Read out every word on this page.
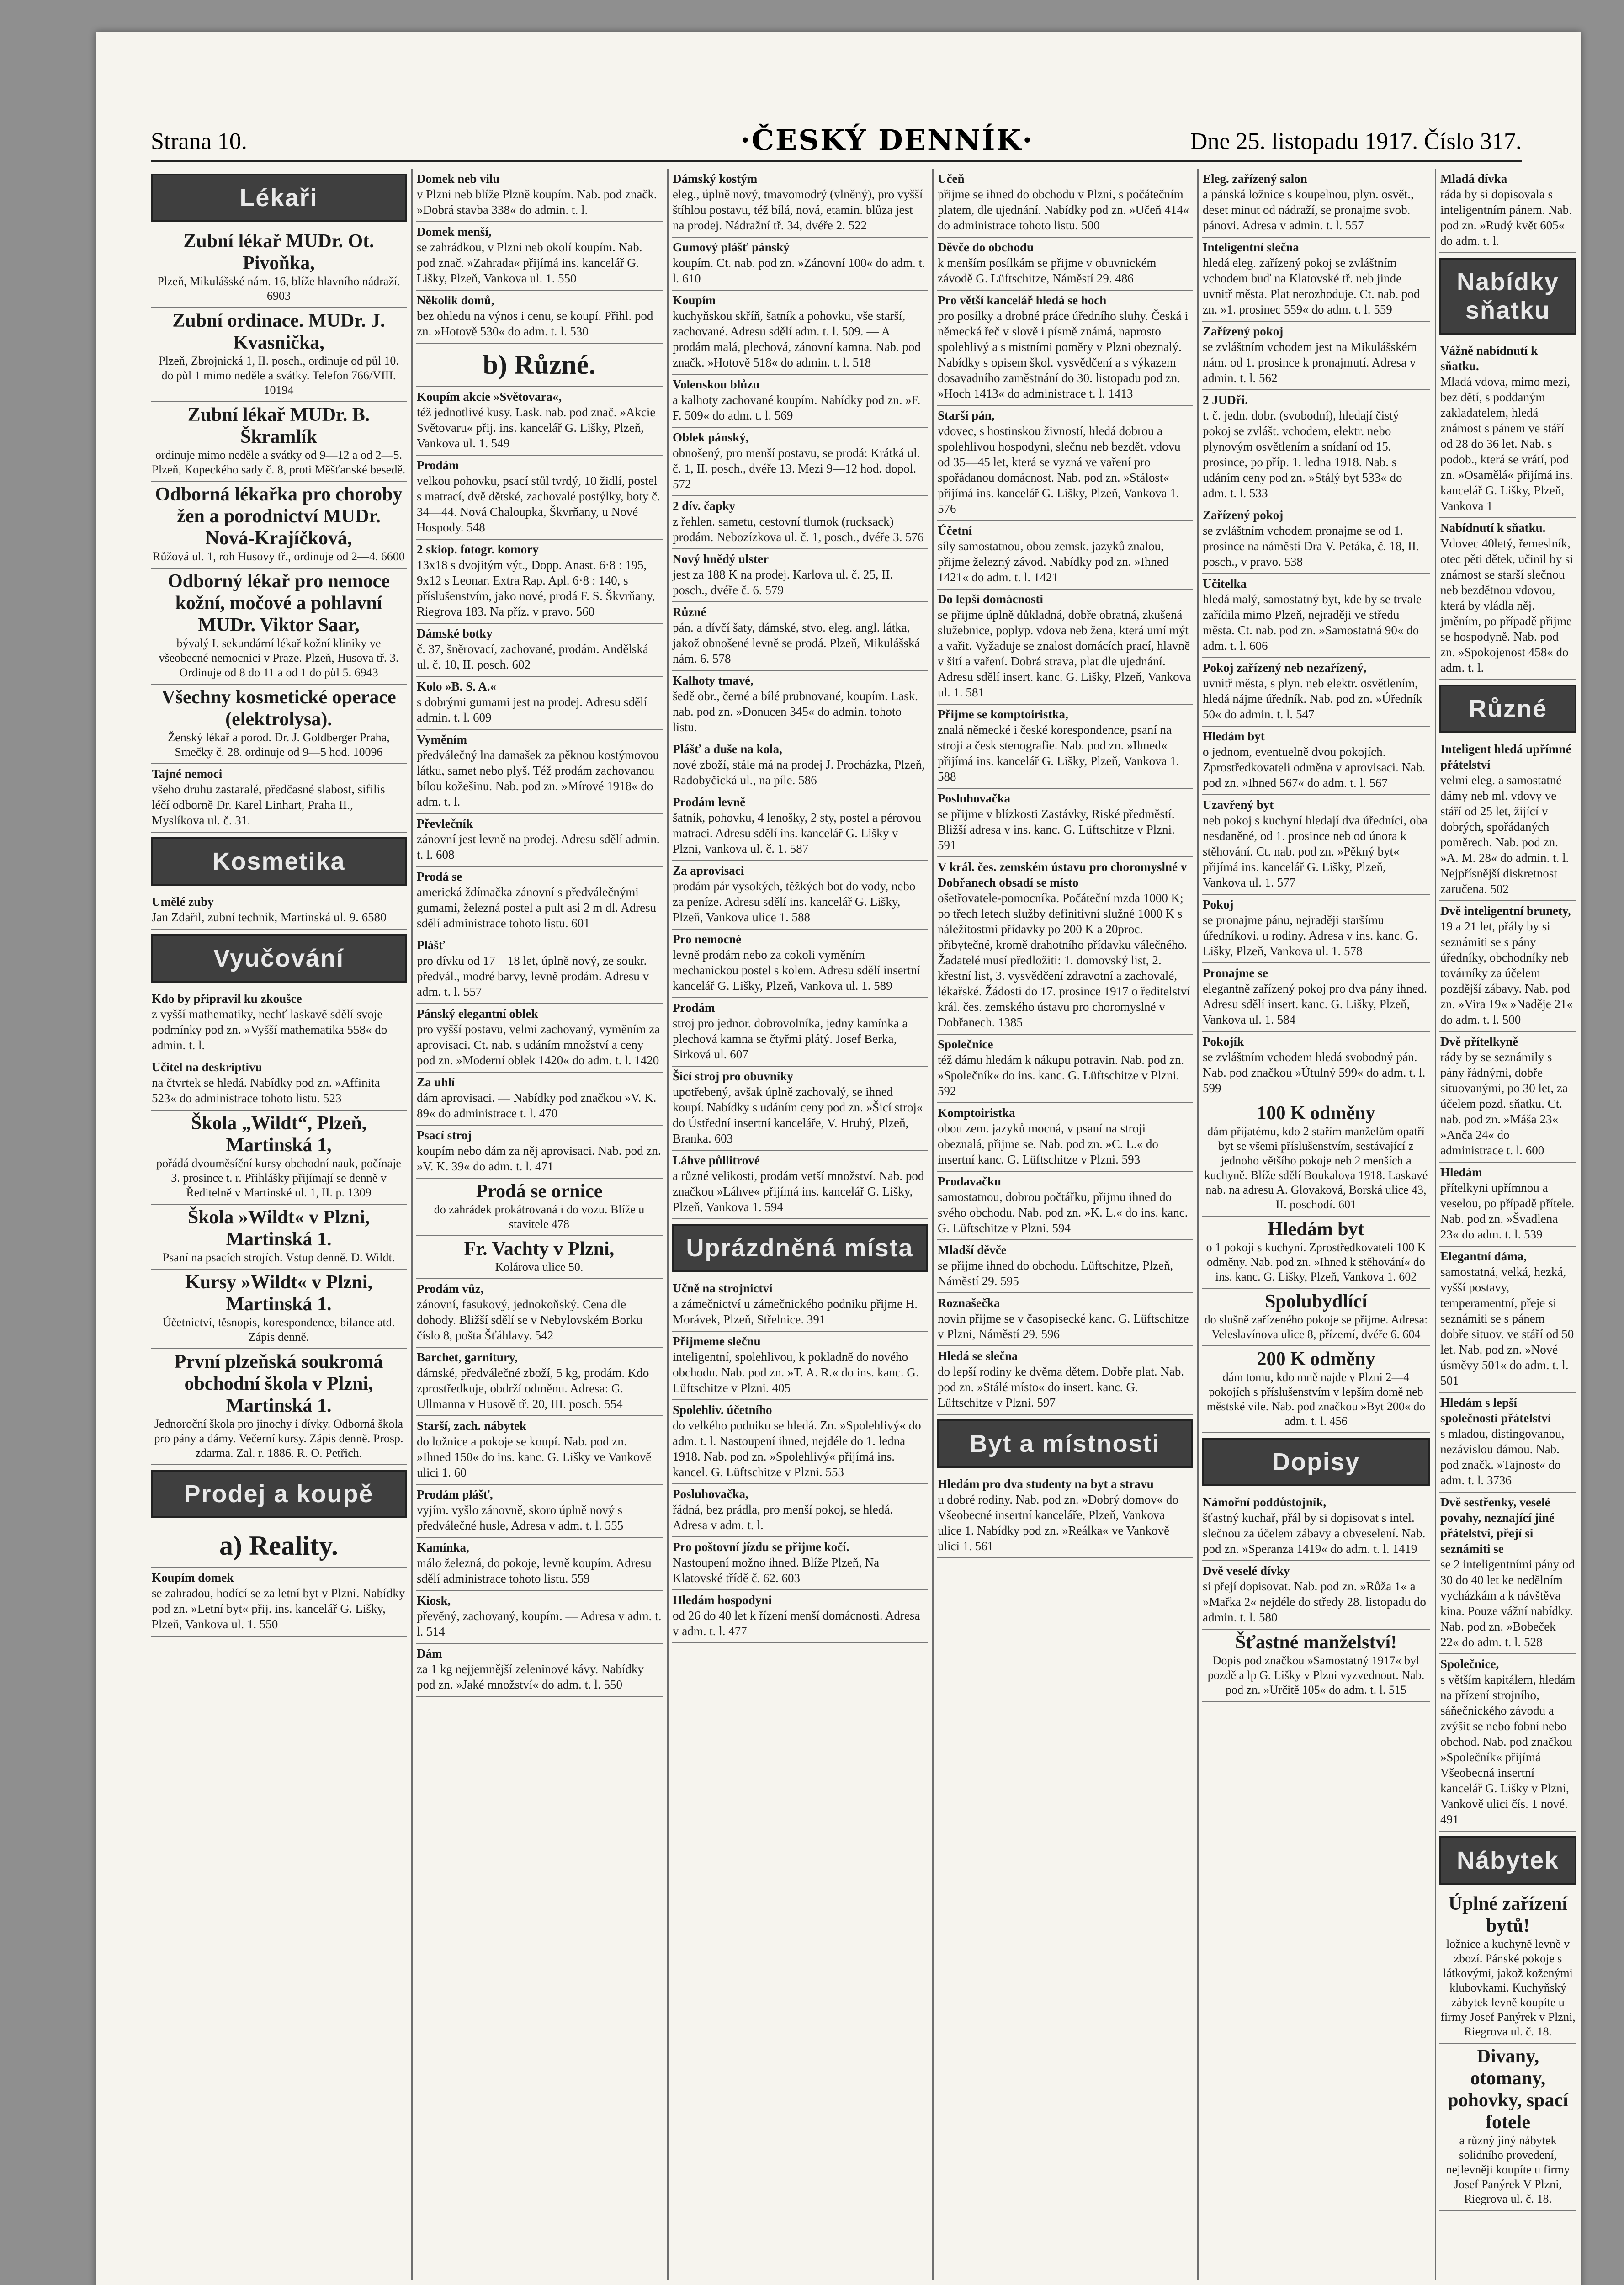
Strana 10.	·ČESKÝ DENNÍK·	Dne 25. listopadu 1917. Číslo 317.
Lékaři
Zubní lékař MUDr. Ot. Pivoňka,
Plzeň, Mikulášské nám. 16, blíže hlavního nádraží. 6903
Zubní ordinace. MUDr. J. Kvasnička,
Plzeň, Zbrojnická 1, II. posch., ordinuje od půl 10. do půl 1 mimo neděle a svátky. Telefon 766/VIII. 10194
Zubní lékař MUDr. B. Škramlík
ordinuje mimo neděle a svátky od 9—12 a od 2—5. Plzeň, Kopeckého sady č. 8, proti Měšťanské besedě.
Odborná lékařka pro choroby žen a porodnictví MUDr. Nová-Krajíčková,
Růžová ul. 1, roh Husovy tř., ordinuje od 2—4. 6600
Odborný lékař pro nemoce kožní, močové a pohlavní MUDr. Viktor Saar,
bývalý I. sekundární lékař kožní kliniky ve všeobecné nemocnici v Praze. Plzeň, Husova tř. 3. Ordinuje od 8 do 11 a od 1 do půl 5. 6943
Všechny kosmetické operace (elektrolysa).
Ženský lékař a porod. Dr. J. Goldberger Praha, Smečky č. 28. ordinuje od 9—5 hod. 10096
Tajné nemoci
všeho druhu zastaralé, předčasné slabost, sifilis léčí odborně Dr. Karel Linhart, Praha II., Myslíkova ul. č. 31.
Kosmetika
Umělé zuby
Jan Zdařil, zubní technik, Martinská ul. 9. 6580
Vyučování
Kdo by připravil ku zkoušce
z vyšší mathematiky, nechť laskavě sdělí svoje podmínky pod zn. »Vyšší mathematika 558« do admin. t. l.
Učitel na deskriptivu
na čtvrtek se hledá. Nabídky pod zn. »Affinita 523« do administrace tohoto listu. 523
Škola „Wildt“, Plzeň, Martinská 1,
pořádá dvouměsíční kursy obchodní nauk, počínaje 3. prosince t. r. Přihlášky přijímají se denně v Ředitelně v Martinské ul. 1, II. p. 1309
Škola »Wildt« v Plzni, Martinská 1.
Psaní na psacích strojích. Vstup denně. D. Wildt.
Kursy »Wildt« v Plzni, Martinská 1.
Účetnictví, těsnopis, korespondence, bilance atd. Zápis denně.
První plzeňská soukromá obchodní škola v Plzni, Martinská 1.
Jednoroční škola pro jinochy i dívky. Odborná škola pro pány a dámy. Večerní kursy. Zápis denně. Prosp. zdarma. Zal. r. 1886. R. O. Petřich.
Prodej a koupě
a) Reality.
Koupím domek
se zahradou, hodící se za letní byt v Plzni. Nabídky pod zn. »Letní byt« přij. ins. kancelář G. Lišky, Plzeň, Vankova ul. 1. 550
Domek neb vilu
v Plzni neb blíže Plzně koupím. Nab. pod značk. »Dobrá stavba 338« do admin. t. l.
Domek menší,
se zahrádkou, v Plzni neb okolí koupím. Nab. pod znač. »Zahrada« přijímá ins. kancelář G. Lišky, Plzeň, Vankova ul. 1. 550
Několik domů,
bez ohledu na výnos i cenu, se koupí. Přihl. pod zn. »Hotově 530« do adm. t. l. 530
b) Různé.
Koupím akcie »Světovara«,
též jednotlivé kusy. Lask. nab. pod znač. »Akcie Světovaru« přij. ins. kancelář G. Lišky, Plzeň, Vankova ul. 1. 549
Prodám
velkou pohovku, psací stůl tvrdý, 10 židlí, postel s matrací, dvě dětské, zachovalé postýlky, boty č. 34—44. Nová Chaloupka, Škvrňany, u Nové Hospody. 548
2 skiop. fotogr. komory
13x18 s dvojitým výt., Dopp. Anast. 6·8 : 195, 9x12 s Leonar. Extra Rap. Apl. 6·8 : 140, s příslušenstvím, jako nové, prodá F. S. Škvrňany, Riegrova 183. Na příz. v pravo. 560
Dámské botky
č. 37, šněrovací, zachované, prodám. Andělská ul. č. 10, II. posch. 602
Kolo »B. S. A.«
s dobrými gumami jest na prodej. Adresu sdělí admin. t. l. 609
Vyměním
předválečný lna damašek za pěknou kostýmovou látku, samet nebo plyš. Též prodám zachovanou bílou kožešinu. Nab. pod zn. »Mírové 1918« do adm. t. l.
Převlečník
zánovní jest levně na prodej. Adresu sdělí admin. t. l. 608
Prodá se
americká ždímačka zánovní s předválečnými gumami, železná postel a pult asi 2 m dl. Adresu sdělí administrace tohoto listu. 601
Plášť
pro dívku od 17—18 let, úplně nový, ze soukr. předvál., modré barvy, levně prodám. Adresu v adm. t. l. 557
Pánský elegantní oblek
pro vyšší postavu, velmi zachovaný, vyměním za aprovisaci. Ct. nab. s udáním množství a ceny pod zn. »Moderní oblek 1420« do adm. t. l. 1420
Za uhlí
dám aprovisaci. — Nabídky pod značkou »V. K. 89« do administrace t. l. 470
Psací stroj
koupím nebo dám za něj aprovisaci. Nab. pod zn. »V. K. 39« do adm. t. l. 471
Prodá se ornice
do zahrádek prokátrovaná i do vozu. Blíže u stavitele 478
Fr. Vachty v Plzni,
Kolárova ulice 50.
Prodám vůz,
zánovní, fasukový, jednokoňský. Cena dle dohody. Bližší sdělí se v Nebylovském Borku číslo 8, pošta Šťáhlavy. 542
Barchet, garnitury,
dámské, předválečné zboží, 5 kg, prodám. Kdo zprostředkuje, obdrží odměnu. Adresa: G. Ullmanna v Husově tř. 20, III. posch. 554
Starší, zach. nábytek
do ložnice a pokoje se koupí. Nab. pod zn. »Ihned 150« do ins. kanc. G. Lišky ve Vankově ulici 1. 60
Prodám plášť,
vyjím. vyšlo zánovně, skoro úplně nový s předválečné husle, Adresa v adm. t. l. 555
Kamínka,
málo železná, do pokoje, levně koupím. Adresu sdělí administrace tohoto listu. 559
Kiosk,
převěný, zachovaný, koupím. — Adresa v adm. t. l. 514
Dám
za 1 kg nejjemnější zeleninové kávy. Nabídky pod zn. »Jaké množství« do adm. t. l. 550
Dámský kostým
eleg., úplně nový, tmavomodrý (vlněný), pro vyšší štíhlou postavu, též bílá, nová, etamin. blůza jest na prodej. Nádražní tř. 34, dvéře 2. 522
Gumový plášť pánský
koupím. Ct. nab. pod zn. »Zánovní 100« do adm. t. l. 610
Koupím
kuchyňskou skříň, šatník a pohovku, vše starší, zachované. Adresu sdělí adm. t. l. 509. — A prodám malá, plechová, zánovní kamna. Nab. pod značk. »Hotově 518« do admin. t. l. 518
Volenskou blůzu
a kalhoty zachované koupím. Nabídky pod zn. »F. F. 509« do adm. t. l. 569
Oblek pánský,
obnošený, pro menší postavu, se prodá: Krátká ul. č. 1, II. posch., dvéře 13. Mezi 9—12 hod. dopol. 572
2 dív. čapky
z řehlen. sametu, cestovní tlumok (rucksack) prodám. Nebozízkova ul. č. 1, posch., dvéře 3. 576
Nový hnědý ulster
jest za 188 K na prodej. Karlova ul. č. 25, II. posch., dvéře č. 6. 579
Různé
pán. a dívčí šaty, dámské, stvo. eleg. angl. látka, jakož obnošené levně se prodá. Plzeň, Mikulášská nám. 6. 578
Kalhoty tmavé,
šedě obr., černé a bílé prubnované, koupím. Lask. nab. pod zn. »Donucen 345« do admin. tohoto listu.
Plášť a duše na kola,
nové zboží, stále má na prodej J. Procházka, Plzeň, Radobyčická ul., na píle. 586
Prodám levně
šatník, pohovku, 4 lenošky, 2 sty, postel a pérovou matraci. Adresu sdělí ins. kancelář G. Lišky v Plzni, Vankova ul. č. 1. 587
Za aprovisaci
prodám pár vysokých, těžkých bot do vody, nebo za peníze. Adresu sdělí ins. kancelář G. Lišky, Plzeň, Vankova ulice 1. 588
Pro nemocné
levně prodám nebo za cokoli vyměním mechanickou postel s kolem. Adresu sdělí insertní kancelář G. Lišky, Plzeň, Vankova ul. 1. 589
Prodám
stroj pro jednor. dobrovolníka, jedny kamínka a plechová kamna se čtyřmi plátý. Josef Berka, Sirková ul. 607
Šicí stroj pro obuvníky
upotřebený, avšak úplně zachovalý, se ihned koupí. Nabídky s udáním ceny pod zn. »Šicí stroj« do Ústřední insertní kanceláře, V. Hrubý, Plzeň, Branka. 603
Láhve půllitrové
a různé velikosti, prodám vetší množství. Nab. pod značkou »Láhve« přijímá ins. kancelář G. Lišky, Plzeň, Vankova 1. 594
Uprázdněná místa
Učně na strojnictví
a zámečnictví u zámečnického podniku přijme H. Morávek, Plzeň, Střelnice. 391
Přijmeme slečnu
inteligentní, spolehlivou, k pokladně do nového obchodu. Nab. pod zn. »T. A. R.« do ins. kanc. G. Lüftschitze v Plzni. 405
Spolehliv. účetního
do velkého podniku se hledá. Zn. »Spolehlivý« do adm. t. l. Nastoupení ihned, nejdéle do 1. ledna 1918. Nab. pod zn. »Spolehlivý« přijímá ins. kancel. G. Lüftschitze v Plzni. 553
Posluhovačka,
řádná, bez prádla, pro menší pokoj, se hledá. Adresa v adm. t. l.
Pro poštovní jízdu se přijme kočí.
Nastoupení možno ihned. Blíže Plzeň, Na Klatovské třídě č. 62. 603
Hledám hospodyni
od 26 do 40 let k řízení menší domácnosti. Adresa v adm. t. l. 477
Učeň
přijme se ihned do obchodu v Plzni, s počátečním platem, dle ujednání. Nabídky pod zn. »Učeň 414« do administrace tohoto listu. 500
Děvče do obchodu
k menším posílkám se přijme v obuvnickém závodě G. Lüftschitze, Náměstí 29. 486
Pro větší kancelář hledá se hoch
pro posílky a drobné práce úředního sluhy. Česká i německá řeč v slově i písmě známá, naprosto spolehlivý a s mistními poměry v Plzni obeznalý. Nabídky s opisem škol. vysvědčení a s výkazem dosavadního zaměstnání do 30. listopadu pod zn. »Hoch 1413« do administrace t. l. 1413
Starší pán,
vdovec, s hostinskou živností, hledá dobrou a spolehlivou hospodyni, slečnu neb bezdět. vdovu od 35—45 let, která se vyzná ve vaření pro spořádanou domácnost. Nab. pod zn. »Stálost« přijímá ins. kancelář G. Lišky, Plzeň, Vankova 1. 576
Účetní
síly samostatnou, obou zemsk. jazyků znalou, přijme železný závod. Nabídky pod zn. »Ihned 1421« do adm. t. l. 1421
Do lepší domácnosti
se přijme úplně důkladná, dobře obratná, zkušená služebnice, poplyp. vdova neb žena, která umí mýt a vařit. Vyžaduje se znalost domácích prací, hlavně v šití a vaření. Dobrá strava, plat dle ujednání. Adresu sdělí insert. kanc. G. Lišky, Plzeň, Vankova ul. 1. 581
Přijme se komptoiristka,
znalá německé i české korespondence, psaní na stroji a česk stenografie. Nab. pod zn. »Ihned« přijímá ins. kancelář G. Lišky, Plzeň, Vankova 1. 588
Posluhovačka
se přijme v blízkosti Zastávky, Riské předměstí. Bližší adresa v ins. kanc. G. Lüftschitze v Plzni. 591
V král. čes. zemském ústavu pro choromyslné v Dobřanech obsadí se místo
ošetřovatele-pomocníka. Počáteční mzda 1000 K; po třech letech služby definitivní služné 1000 K s náležitostmi přídavky po 200 K a 20proc. přibytečné, kromě drahotního přídavku válečného. Žadatelé musí předložiti: 1. domovský list, 2. křestní list, 3. vysvědčení zdravotní a zachovalé, lékařské. Žádosti do 17. prosince 1917 o ředitelství král. čes. zemského ústavu pro choromyslné v Dobřanech. 1385
Společnice
též dámu hledám k nákupu potravin. Nab. pod zn. »Společník« do ins. kanc. G. Lüftschitze v Plzni. 592
Komptoiristka
obou zem. jazyků mocná, v psaní na stroji obeznalá, přijme se. Nab. pod zn. »C. L.« do insertní kanc. G. Lüftschitze v Plzni. 593
Prodavačku
samostatnou, dobrou počtářku, přijmu ihned do svého obchodu. Nab. pod zn. »K. L.« do ins. kanc. G. Lüftschitze v Plzni. 594
Mladší děvče
se přijme ihned do obchodu. Lüftschitze, Plzeň, Náměstí 29. 595
Roznašečka
novin přijme se v časopisecké kanc. G. Lüftschitze v Plzni, Náměstí 29. 596
Hledá se slečna
do lepší rodiny ke dvěma dětem. Dobře plat. Nab. pod zn. »Stálé místo« do insert. kanc. G. Lüftschitze v Plzni. 597
Byt a místnosti
Hledám pro dva studenty na byt a stravu
u dobré rodiny. Nab. pod zn. »Dobrý domov« do Všeobecné insertní kanceláře, Plzeň, Vankova ulice 1. Nabídky pod zn. »Reálka« ve Vankově ulici 1. 561
Eleg. zařízený salon
a pánská ložnice s koupelnou, plyn. osvět., deset minut od nádraží, se pronajme svob. pánovi. Adresa v admin. t. l. 557
Inteligentní slečna
hledá eleg. zařízený pokoj se zvláštním vchodem buď na Klatovské tř. neb jinde uvnitř města. Plat nerozhoduje. Ct. nab. pod zn. »1. prosinec 559« do adm. t. l. 559
Zařízený pokoj
se zvláštním vchodem jest na Mikulášském nám. od 1. prosince k pronajmutí. Adresa v admin. t. l. 562
2 JUDři.
t. č. jedn. dobr. (svobodní), hledají čistý pokoj se zvlášt. vchodem, elektr. nebo plynovým osvětlením a snídaní od 15. prosince, po příp. 1. ledna 1918. Nab. s udáním ceny pod zn. »Stálý byt 533« do adm. t. l. 533
Zařízený pokoj
se zvláštním vchodem pronajme se od 1. prosince na náměstí Dra V. Petáka, č. 18, II. posch., v pravo. 538
Učitelka
hledá malý, samostatný byt, kde by se trvale zařídila mimo Plzeň, nejraději ve středu města. Ct. nab. pod zn. »Samostatná 90« do adm. t. l. 606
Pokoj zařízený neb nezařízený,
uvnitř města, s plyn. neb elektr. osvětlením, hledá nájme úředník. Nab. pod zn. »Úředník 50« do admin. t. l. 547
Hledám byt
o jednom, eventuelně dvou pokojích. Zprostředkovateli odměna v aprovisaci. Nab. pod zn. »Ihned 567« do adm. t. l. 567
Uzavřený byt
neb pokoj s kuchyní hledají dva úředníci, oba nesdaněné, od 1. prosince neb od února k stěhování. Ct. nab. pod zn. »Pěkný byt« přijímá ins. kancelář G. Lišky, Plzeň, Vankova ul. 1. 577
Pokoj
se pronajme pánu, nejraději staršímu úředníkovi, u rodiny. Adresa v ins. kanc. G. Lišky, Plzeň, Vankova ul. 1. 578
Pronajme se
elegantně zařízený pokoj pro dva pány ihned. Adresu sdělí insert. kanc. G. Lišky, Plzeň, Vankova ul. 1. 584
Pokojík
se zvláštním vchodem hledá svobodný pán. Nab. pod značkou »Útulný 599« do adm. t. l. 599
100 K odměny
dám přijatému, kdo 2 stařím manželům opatří byt se všemi příslušenstvím, sestávající z jednoho většího pokoje neb 2 menších a kuchyně. Blíže sdělí Boukalova 1918. Laskavé nab. na adresu A. Glovaková, Borská ulice 43, II. poschodí. 601
Hledám byt
o 1 pokoji s kuchyní. Zprostředkovateli 100 K odměny. Nab. pod zn. »Ihned k stěhování« do ins. kanc. G. Lišky, Plzeň, Vankova 1. 602
Spolubydlící
do slušně zařízeného pokoje se přijme. Adresa: Veleslavínova ulice 8, přízemí, dvéře 6. 604
200 K odměny
dám tomu, kdo mně najde v Plzni 2—4 pokojích s příslušenstvím v lepším domě neb městské vile. Nab. pod značkou »Byt 200« do adm. t. l. 456
Dopisy
Námořní poddůstojník,
šťastný kuchař, přál by si dopisovat s intel. slečnou za účelem zábavy a obveselení. Nab. pod zn. »Speranza 1419« do adm. t. l. 1419
Dvě veselé dívky
si přejí dopisovat. Nab. pod zn. »Růža 1« a »Mařka 2« nejdéle do středy 28. listopadu do admin. t. l. 580
Šťastné manželství!
Dopis pod značkou »Samostatný 1917« byl pozdě a lp G. Lišky v Plzni vyzvednout. Nab. pod zn. »Určitě 105« do adm. t. l. 515
Mladá dívka
ráda by si dopisovala s inteligentním pánem. Nab. pod zn. »Rudý květ 605« do adm. t. l.
Nabídky sňatku
Vážně nabídnutí k sňatku.
Mladá vdova, mimo mezi, bez dětí, s poddaným zakladatelem, hledá známost s pánem ve stáří od 28 do 36 let. Nab. s podob., která se vrátí, pod zn. »Osamělá« přijímá ins. kancelář G. Lišky, Plzeň, Vankova 1
Nabídnutí k sňatku.
Vdovec 40letý, řemeslník, otec pěti dětek, učinil by si známost se starší slečnou neb bezdětnou vdovou, která by vládla něj. jměním, po případě přijme se hospodyně. Nab. pod zn. »Spokojenost 458« do adm. t. l.
Různé
Inteligent hledá upřímné přátelství
velmi eleg. a samostatné dámy neb ml. vdovy ve stáří od 25 let, žijící v dobrých, spořádaných poměrech. Nab. pod zn. »A. M. 28« do admin. t. l. Nejpřísnější diskretnost zaručena. 502
Dvě inteligentní brunety,
19 a 21 let, přály by si seznámiti se s pány úředníky, obchodníky neb továrníky za účelem pozdější zábavy. Nab. pod zn. »Vira 19« »Naděje 21« do adm. t. l. 500
Dvě přítelkyně
rády by se seznámily s pány řádnými, dobře situovanými, po 30 let, za účelem pozd. sňatku. Ct. nab. pod zn. »Máša 23« »Anča 24« do administrace t. l. 600
Hledám
přítelkyni upřímnou a veselou, po případě přítele. Nab. pod zn. »Švadlena 23« do adm. t. l. 539
Elegantní dáma,
samostatná, velká, hezká, vyšší postavy, temperamentní, přeje si seznámiti se s pánem dobře situov. ve stáří od 50 let. Nab. pod zn. »Nové úsměvy 501« do adm. t. l. 501
Hledám s lepší společnosti přátelství
s mladou, distingovanou, nezávislou dámou. Nab. pod značk. »Tajnost« do adm. t. l. 3736
Dvě sestřenky, veselé povahy, neznající jiné přátelství, přejí si seznámiti se
se 2 inteligentními pány od 30 do 40 let ke nedělním vycházkám a k návštěva kina. Pouze vážní nabídky. Nab. pod zn. »Bobeček 22« do adm. t. l. 528
Společnice,
s větším kapitálem, hledám na přízení strojního, sáňečnického závodu a zvýšit se nebo fobní nebo obchod. Nab. pod značkou »Společník« přijímá Všeobecná insertní kancelář G. Lišky v Plzni, Vankově ulici čís. 1 nové. 491
Nábytek
Úplné zařízení bytů!
ložnice a kuchyně levně v zbozí. Pánské pokoje s látkovými, jakož koženými klubovkami. Kuchyňský zábytek levně koupíte u firmy Josef Panýrek v Plzni, Riegrova ul. č. 18.
Divany, otomany, pohovky, spací fotele
a různý jiný nábytek solidního provedení, nejlevněji koupíte u firmy Josef Panýrek V Plzni, Riegrova ul. č. 18.
